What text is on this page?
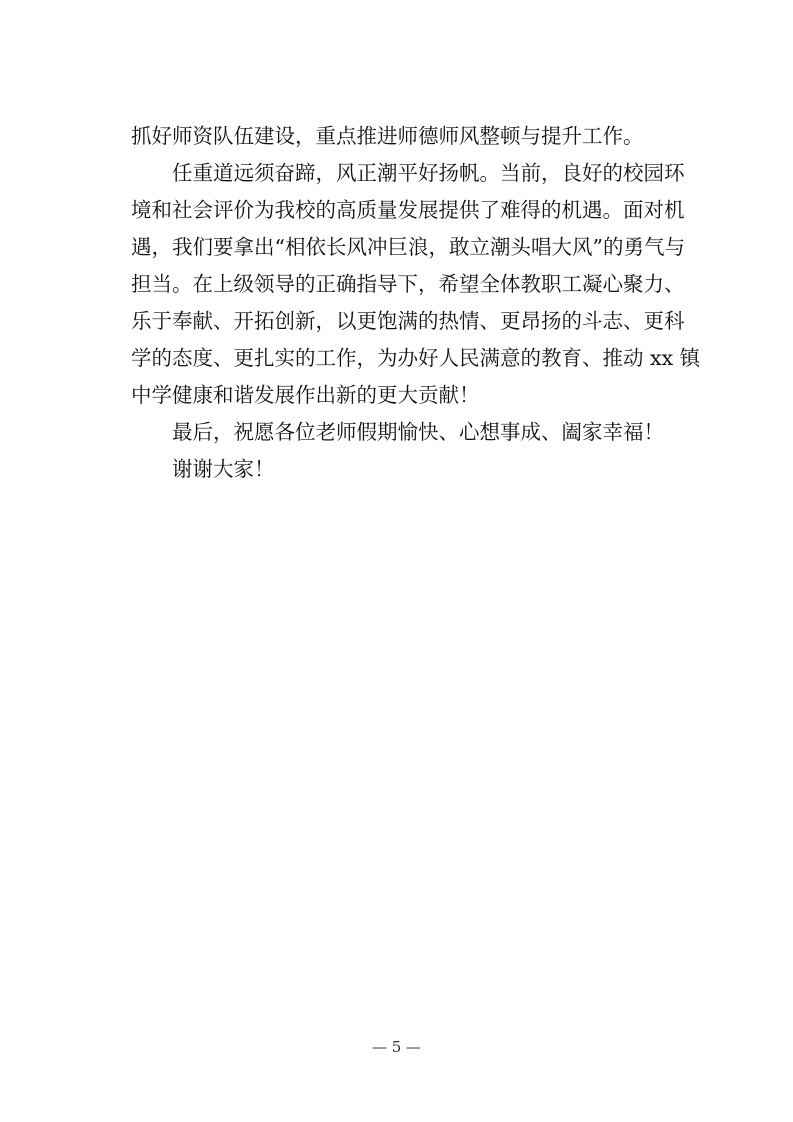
抓好师资队伍建设，重点推进师德师风整顿与提升工作。
任重道远须奋蹄，风正潮平好扬帆。当前，良好的校园环
境和社会评价为我校的高质量发展提供了难得的机遇。面对机
遇，我们要拿出“相依长风冲巨浪，敢立潮头唱大风”的勇气与
担当。在上级领导的正确指导下，希望全体教职工凝心聚力、
乐于奉献、开拓创新，以更饱满的热情、更昂扬的斗志、更科
学的态度、更扎实的工作，为办好人民满意的教育、推动 xx 镇
中学健康和谐发展作出新的更大贡献！
最后，祝愿各位老师假期愉快、心想事成、阖家幸福！
谢谢大家！
— 5 —
